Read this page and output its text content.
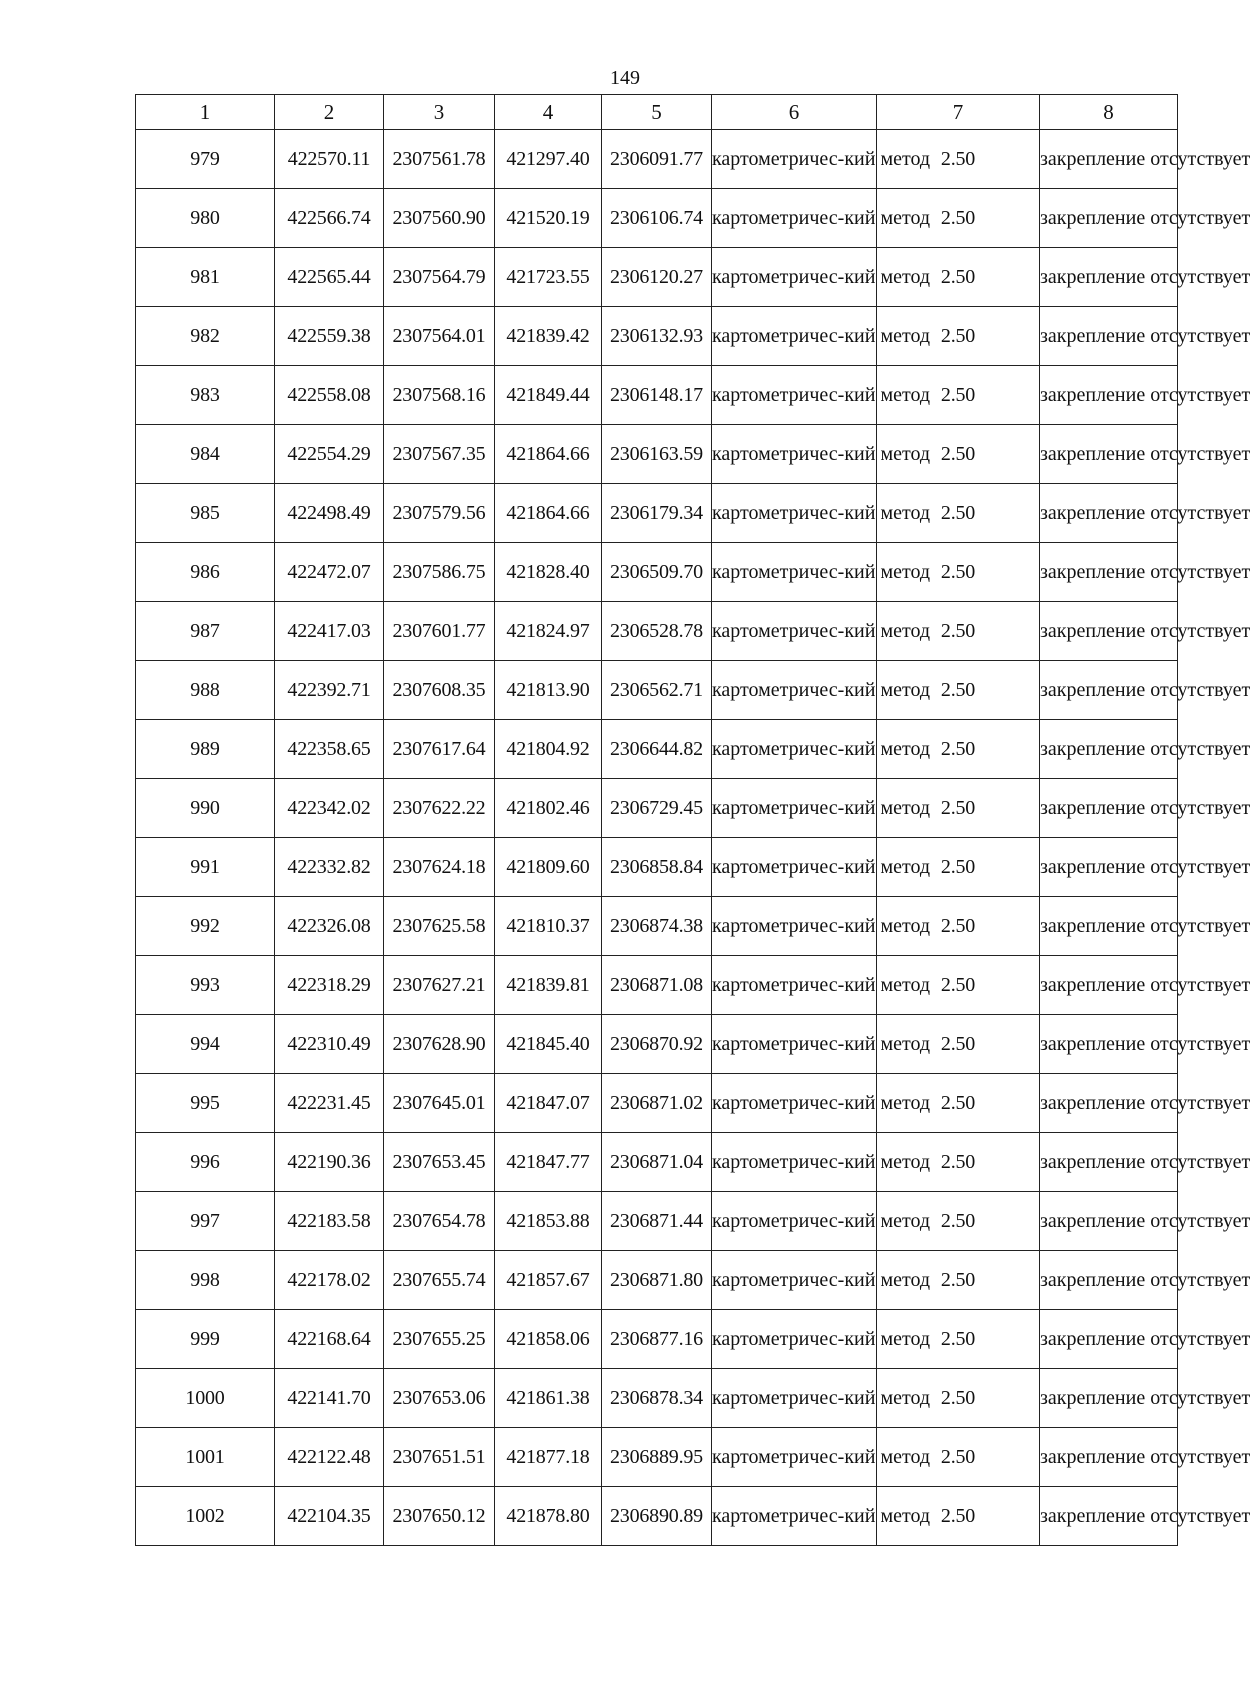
149
1	2	3	4	5	6	7	8
979	422570.11	2307561.78	421297.40	2306091.77	картометричес-кий метод	2.50	закрепление отсутствует
980	422566.74	2307560.90	421520.19	2306106.74	картометричес-кий метод	2.50	закрепление отсутствует
981	422565.44	2307564.79	421723.55	2306120.27	картометричес-кий метод	2.50	закрепление отсутствует
982	422559.38	2307564.01	421839.42	2306132.93	картометричес-кий метод	2.50	закрепление отсутствует
983	422558.08	2307568.16	421849.44	2306148.17	картометричес-кий метод	2.50	закрепление отсутствует
984	422554.29	2307567.35	421864.66	2306163.59	картометричес-кий метод	2.50	закрепление отсутствует
985	422498.49	2307579.56	421864.66	2306179.34	картометричес-кий метод	2.50	закрепление отсутствует
986	422472.07	2307586.75	421828.40	2306509.70	картометричес-кий метод	2.50	закрепление отсутствует
987	422417.03	2307601.77	421824.97	2306528.78	картометричес-кий метод	2.50	закрепление отсутствует
988	422392.71	2307608.35	421813.90	2306562.71	картометричес-кий метод	2.50	закрепление отсутствует
989	422358.65	2307617.64	421804.92	2306644.82	картометричес-кий метод	2.50	закрепление отсутствует
990	422342.02	2307622.22	421802.46	2306729.45	картометричес-кий метод	2.50	закрепление отсутствует
991	422332.82	2307624.18	421809.60	2306858.84	картометричес-кий метод	2.50	закрепление отсутствует
992	422326.08	2307625.58	421810.37	2306874.38	картометричес-кий метод	2.50	закрепление отсутствует
993	422318.29	2307627.21	421839.81	2306871.08	картометричес-кий метод	2.50	закрепление отсутствует
994	422310.49	2307628.90	421845.40	2306870.92	картометричес-кий метод	2.50	закрепление отсутствует
995	422231.45	2307645.01	421847.07	2306871.02	картометричес-кий метод	2.50	закрепление отсутствует
996	422190.36	2307653.45	421847.77	2306871.04	картометричес-кий метод	2.50	закрепление отсутствует
997	422183.58	2307654.78	421853.88	2306871.44	картометричес-кий метод	2.50	закрепление отсутствует
998	422178.02	2307655.74	421857.67	2306871.80	картометричес-кий метод	2.50	закрепление отсутствует
999	422168.64	2307655.25	421858.06	2306877.16	картометричес-кий метод	2.50	закрепление отсутствует
1000	422141.70	2307653.06	421861.38	2306878.34	картометричес-кий метод	2.50	закрепление отсутствует
1001	422122.48	2307651.51	421877.18	2306889.95	картометричес-кий метод	2.50	закрепление отсутствует
1002	422104.35	2307650.12	421878.80	2306890.89	картометричес-кий метод	2.50	закрепление отсутствует
